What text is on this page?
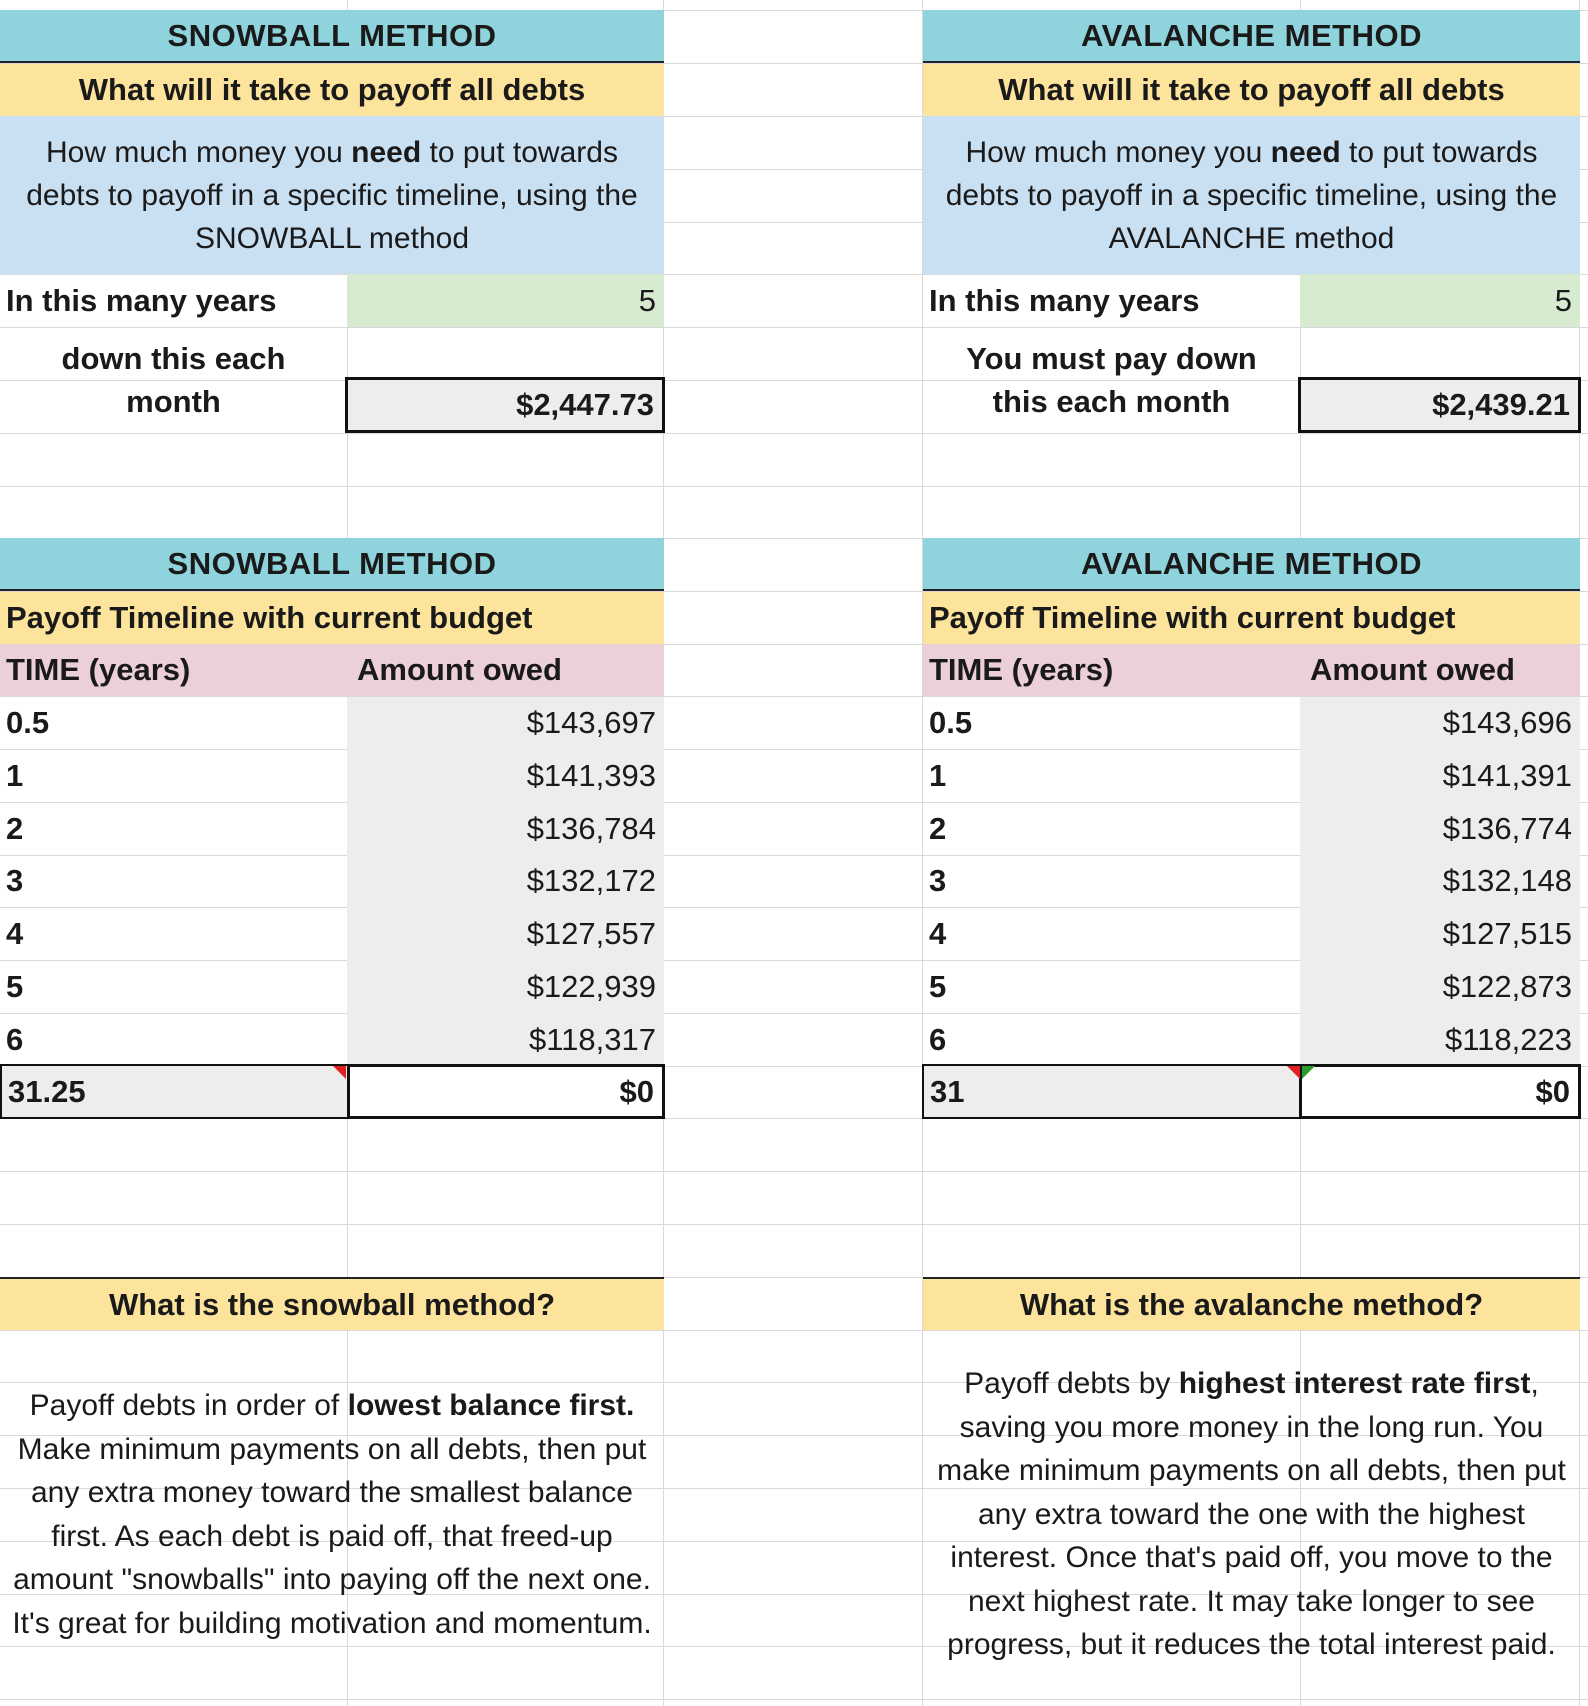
SNOWBALL METHOD
What will it take to payoff all debts
How much money you need to put towards debts to payoff in a specific timeline, using the SNOWBALL method
In this many years	5
down this each month	$2,447.73
AVALANCHE METHOD
What will it take to payoff all debts
How much money you need to put towards debts to payoff in a specific timeline, using the AVALANCHE method
In this many years	5
You must pay down this each month	$2,439.21
SNOWBALL METHOD
Payoff Timeline with current budget
TIME (years)	Amount owed
0.5	$143,697
1	$141,393
2	$136,784
3	$132,172
4	$127,557
5	$122,939
6	$118,317
31.25	$0
AVALANCHE METHOD
Payoff Timeline with current budget
TIME (years)	Amount owed
0.5	$143,696
1	$141,391
2	$136,774
3	$132,148
4	$127,515
5	$122,873
6	$118,223
31	$0
What is the snowball method?
Payoff debts in order of lowest balance first. Make minimum payments on all debts, then put any extra money toward the smallest balance first. As each debt is paid off, that freed-up amount "snowballs" into paying off the next one. It's great for building motivation and momentum.
What is the avalanche method?
Payoff debts by highest interest rate first, saving you more money in the long run. You make minimum payments on all debts, then put any extra toward the one with the highest interest. Once that's paid off, you move to the next highest rate. It may take longer to see progress, but it reduces the total interest paid.
